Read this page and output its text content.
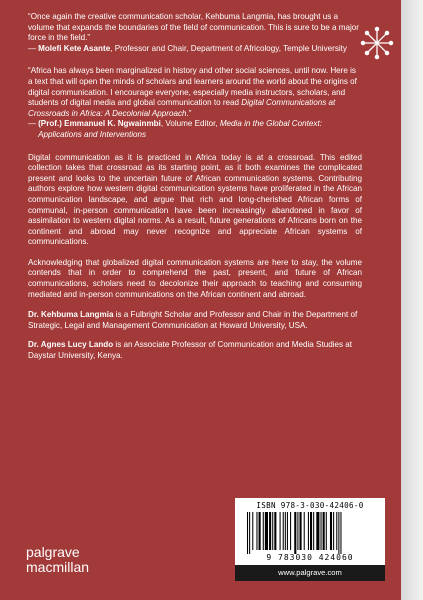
“Once again the creative communication scholar, Kehbuma Langmia, has brought us a volume that expands the boundaries of the field of communication. This is sure to be a major force in the field.”

— Molefi Kete Asante, Professor and Chair, Department of Africology, Temple University

“Africa has always been marginalized in history and other social sciences, until now. Here is a text that will open the minds of scholars and learners around the world about the origins of digital communication. I encourage everyone, especially media instructors, scholars, and students of digital media and global communication to read Digital Communications at Crossroads in Africa: A Decolonial Approach.”

— (Prof.) Emmanuel K. Ngwainmbi, Volume Editor, Media in the Global Context: Applications and Interventions

Digital communication as it is practiced in Africa today is at a crossroad. This edited collection takes that crossroad as its starting point, as it both examines the complicated present and looks to the uncertain future of African communication systems. Contributing authors explore how western digital communication systems have proliferated in the African communication landscape, and argue that rich and long-cherished African forms of communal, in-person communication have been increasingly abandoned in favor of assimilation to western digital norms. As a result, future generations of Africans born on the continent and abroad may never recognize and appreciate African systems of communications.

Acknowledging that globalized digital communication systems are here to stay, the volume contends that in order to comprehend the past, present, and future of African communications, scholars need to decolonize their approach to teaching and consuming mediated and in-person communications on the African continent and abroad.

Dr. Kehbuma Langmia is a Fulbright Scholar and Professor and Chair in the Department of Strategic, Legal and Management Communication at Howard University, USA.

Dr. Agnes Lucy Lando is an Associate Professor of Communication and Media Studies at Daystar University, Kenya.

ISBN 978-3-030-42406-0
9 783030 424060
www.palgrave.com
palgrave
macmillan
